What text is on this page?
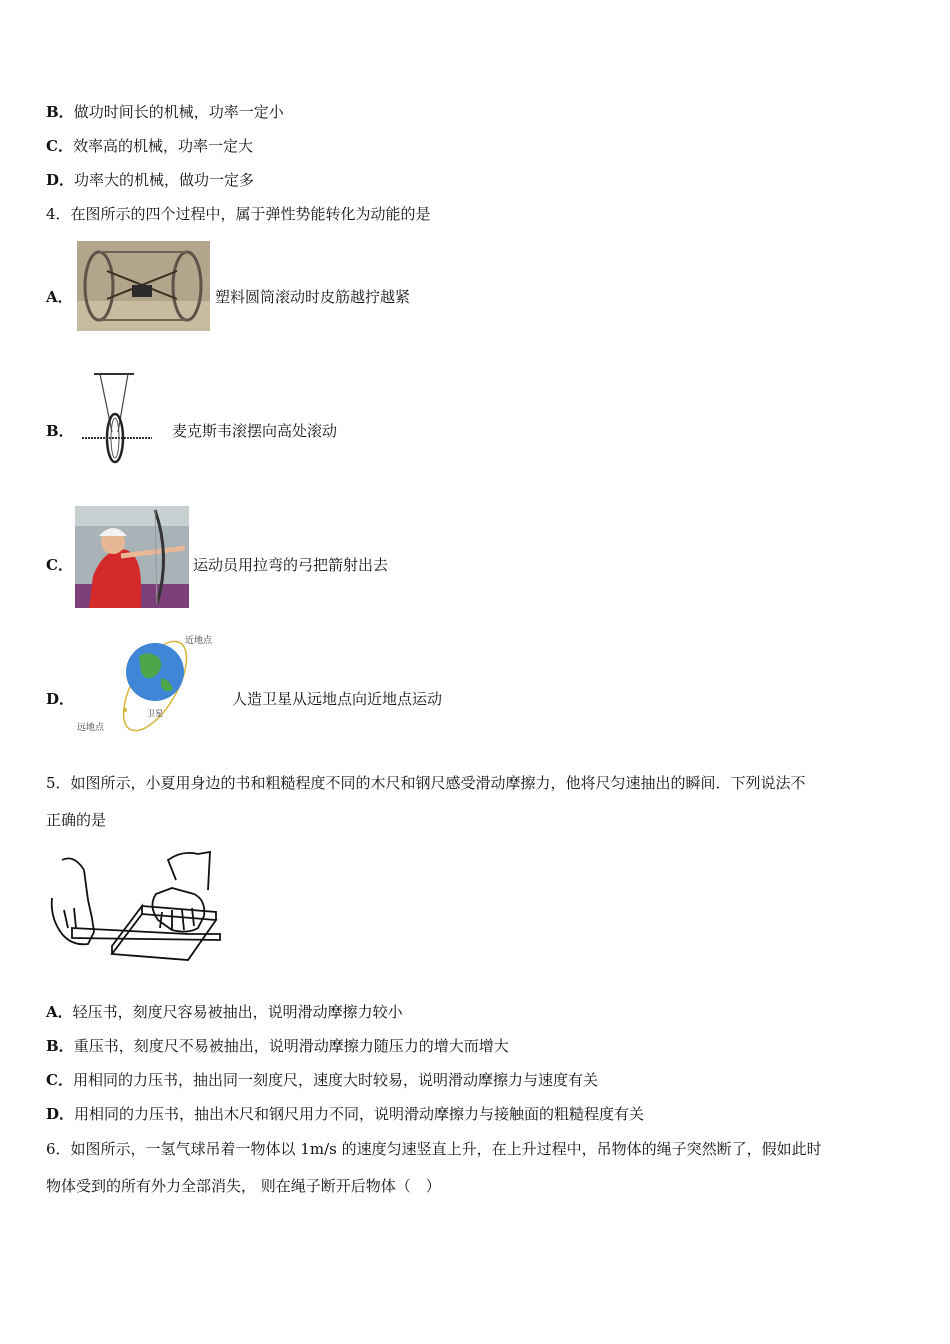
B．做功时间长的机械，功率一定小
C．效率高的机械，功率一定大
D．功率大的机械，做功一定多
4．在图所示的四个过程中，属于弹性势能转化为动能的是
A．	塑料圆筒滚动时皮筋越拧越紧
B．	麦克斯韦滚摆向高处滚动
C．	运动员用拉弯的弓把箭射出去
D．
近地点
远地点
卫星
人造卫星从远地点向近地点运动
5．如图所示，小夏用身边的书和粗糙程度不同的木尺和钢尺感受滑动摩擦力，他将尺匀速抽出的瞬间．下列说法不
正确的是
A．轻压书，刻度尺容易被抽出，说明滑动摩擦力较小
B．重压书，刻度尺不易被抽出，说明滑动摩擦力随压力的增大而增大
C．用相同的力压书，抽出同一刻度尺，速度大时较易，说明滑动摩擦力与速度有关
D．用相同的力压书，抽出木尺和钢尺用力不同，说明滑动摩擦力与接触面的粗糙程度有关
6．如图所示，一氢气球吊着一物体以 1m/s 的速度匀速竖直上升，在上升过程中，吊物体的绳子突然断了，假如此时
物体受到的所有外力全部消失， 则在绳子断开后物体（　）
